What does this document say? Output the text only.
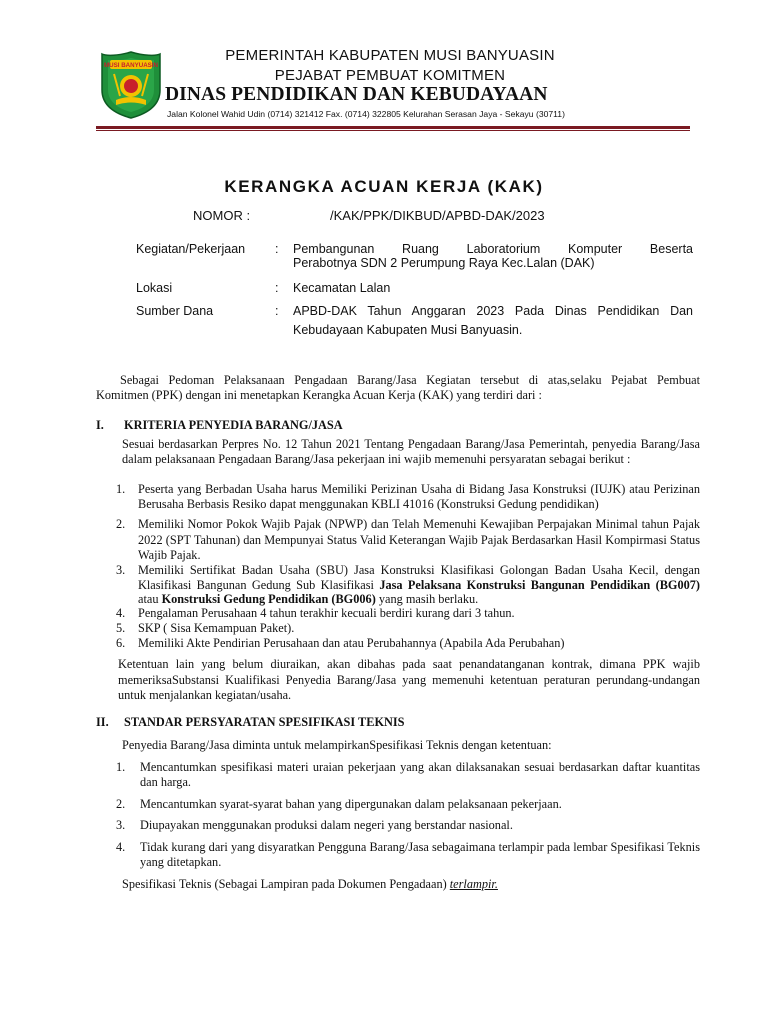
MUSI BANYUASIN
PEMERINTAH KABUPATEN MUSI BANYUASIN
PEJABAT PEMBUAT KOMITMEN
DINAS PENDIDIKAN DAN KEBUDAYAAN
Jalan Kolonel Wahid Udin (0714) 321412 Fax. (0714) 322805 Kelurahan Serasan Jaya - Sekayu (30711)
KERANGKA ACUAN KERJA (KAK)
NOMOR :	/KAK/PPK/DIKBUD/APBD-DAK/2023
Kegiatan/Pekerjaan : Pembangunan Ruang Laboratorium Komputer Beserta
Perabotnya SDN 2 Perumpung Raya Kec.Lalan (DAK)
Lokasi	: Kecamatan Lalan
Sumber Dana	: APBD-DAK Tahun Anggaran 2023 Pada Dinas Pendidikan Dan
Kebudayaan Kabupaten Musi Banyuasin.
Sebagai Pedoman Pelaksanaan Pengadaan Barang/Jasa Kegiatan tersebut di atas,selaku Pejabat Pembuat
Komitmen (PPK) dengan ini menetapkan Kerangka Acuan Kerja (KAK) yang terdiri dari :
I. KRITERIA PENYEDIA BARANG/JASA
Sesuai berdasarkan Perpres No. 12 Tahun 2021 Tentang Pengadaan Barang/Jasa Pemerintah, penyedia Barang/Jasa dalam pelaksanaan Pengadaan Barang/Jasa pekerjaan ini wajib memenuhi persyaratan sebagai berikut :
1. Peserta yang Berbadan Usaha harus Memiliki Perizinan Usaha di Bidang Jasa Konstruksi (IUJK) atau Perizinan Berusaha Berbasis Resiko dapat menggunakan KBLI 41016 (Konstruksi Gedung pendidikan)
2. Memiliki Nomor Pokok Wajib Pajak (NPWP) dan Telah Memenuhi Kewajiban Perpajakan Minimal tahun Pajak 2022 (SPT Tahunan) dan Mempunyai Status Valid Keterangan Wajib Pajak Berdasarkan Hasil Kompirmasi Status Wajib Pajak.
3. Memiliki Sertifikat Badan Usaha (SBU) Jasa Konstruksi Klasifikasi Golongan Badan Usaha Kecil, dengan Klasifikasi Bangunan Gedung Sub Klasifikasi Jasa Pelaksana Konstruksi Bangunan Pendidikan (BG007) atau Konstruksi Gedung Pendidikan (BG006) yang masih berlaku.
4. Pengalaman Perusahaan 4 tahun terakhir kecuali berdiri kurang dari 3 tahun.
5. SKP ( Sisa Kemampuan Paket).
6. Memiliki Akte Pendirian Perusahaan dan atau Perubahannya (Apabila Ada Perubahan)
Ketentuan lain yang belum diuraikan, akan dibahas pada saat penandatanganan kontrak, dimana PPK wajib memeriksaSubstansi Kualifikasi Penyedia Barang/Jasa yang memenuhi ketentuan peraturan perundang-undangan untuk menjalankan kegiatan/usaha.
II. STANDAR PERSYARATAN SPESIFIKASI TEKNIS
Penyedia Barang/Jasa diminta untuk melampirkanSpesifikasi Teknis dengan ketentuan:
1. Mencantumkan spesifikasi materi uraian pekerjaan yang akan dilaksanakan sesuai berdasarkan daftar kuantitas dan harga.
2. Mencantumkan syarat-syarat bahan yang dipergunakan dalam pelaksanaan pekerjaan.
3. Diupayakan menggunakan produksi dalam negeri yang berstandar nasional.
4. Tidak kurang dari yang disyaratkan Pengguna Barang/Jasa sebagaimana terlampir pada lembar Spesifikasi Teknis yang ditetapkan.
Spesifikasi Teknis (Sebagai Lampiran pada Dokumen Pengadaan) terlampir.
